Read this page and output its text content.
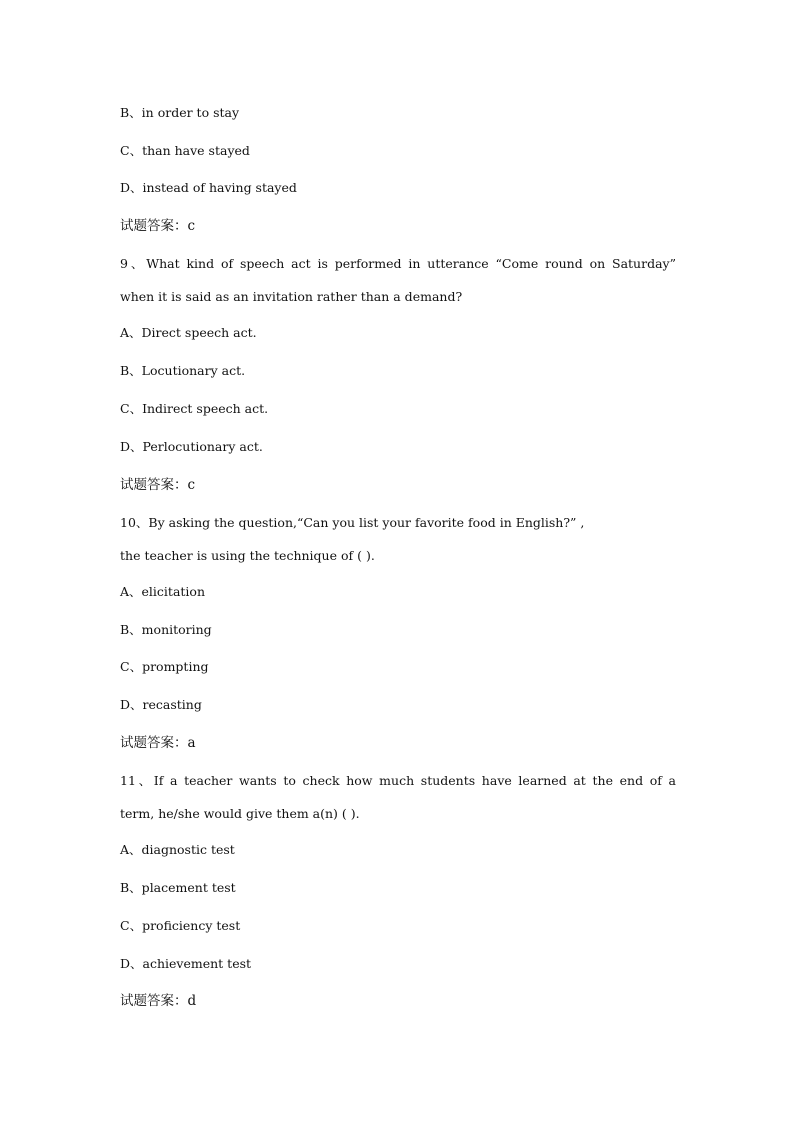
B、in order to stay
C、than have stayed
D、instead of having stayed
试题答案：c
9、What kind of speech act is performed in utterance “Come round on Saturday”
when it is said as an invitation rather than a demand?
A、Direct speech act.
B、Locutionary act.
C、Indirect speech act.
D、Perlocutionary act.
试题答案：c
10、By asking the question,“Can you list your favorite food in English?” ,
the teacher is using the technique of ( ).
A、elicitation
B、monitoring
C、prompting
D、recasting
试题答案：a
11、If a teacher wants to check how much students have learned at the end of a
term, he/she would give them a(n) ( ).
A、diagnostic test
B、placement test
C、proficiency test
D、achievement test
试题答案：d
